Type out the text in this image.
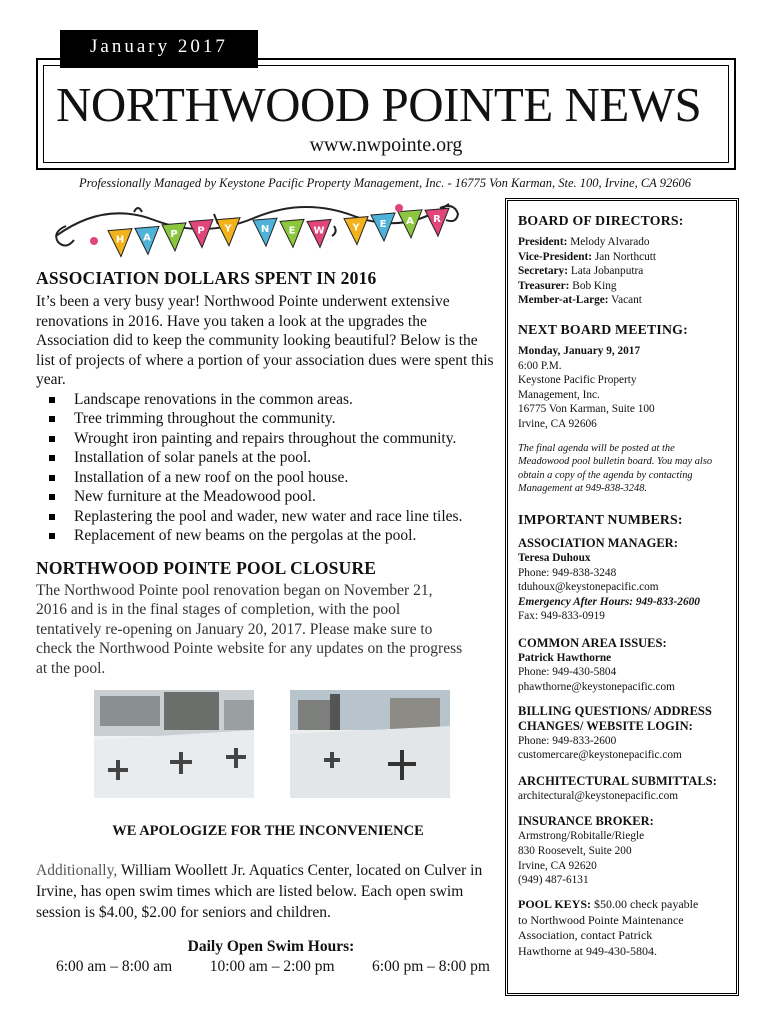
January 2017
NORTHWOOD POINTE NEWS
www.nwpointe.org
Professionally Managed by Keystone Pacific Property Management, Inc. - 16775 Von Karman, Ste. 100, Irvine, CA 92606
H A P P Y	N E W	Y E A R
ASSOCIATION DOLLARS SPENT IN 2016

It’s been a very busy year! Northwood Pointe underwent extensive renovations in 2016. Have you taken a look at the upgrades the Association did to keep the community looking beautiful? Below is the list of projects of where a portion of your association dues were spent this year.

Landscape renovations in the common areas.
Tree trimming throughout the community.
Wrought iron painting and repairs throughout the community.
Installation of solar panels at the pool.
Installation of a new roof on the pool house.
New furniture at the Meadowood pool.
Replastering the pool and wader, new water and race line tiles.
Replacement of new beams on the pergolas at the pool.
NORTHWOOD POINTE POOL CLOSURE

The Northwood Pointe pool renovation began on November 21, 2016 and is in the final stages of completion, with the pool tentatively re-opening on January 20, 2017. Please make sure to check the Northwood Pointe website for any updates on the progress at the pool.

WE APOLOGIZE FOR THE INCONVENIENCE
Additionally, William Woollett Jr. Aquatics Center, located on Culver in Irvine, has open swim times which are listed below. Each open swim session is $4.00, $2.00 for seniors and children.
Daily Open Swim Hours:
6:00 am – 8:00 am 10:00 am – 2:00 pm 6:00 pm – 8:00 pm
BOARD OF DIRECTORS:
President: Melody Alvarado
Vice-President: Jan Northcutt
Secretary: Lata Jobanputra
Treasurer: Bob King
Member-at-Large: Vacant
NEXT BOARD MEETING:
Monday, January 9, 2017
6:00 P.M.
Keystone Pacific Property
Management, Inc.
16775 Von Karman, Suite 100
Irvine, CA 92606
The final agenda will be posted at the
Meadowood pool bulletin board. You may also
obtain a copy of the agenda by contacting
Management at 949-838-3248.
IMPORTANT NUMBERS:
ASSOCIATION MANAGER:
Teresa Duhoux
Phone: 949-838-3248
tduhoux@keystonepacific.com
Emergency After Hours: 949-833-2600
Fax: 949-833-0919
COMMON AREA ISSUES:
Patrick Hawthorne
Phone: 949-430-5804
phawthorne@keystonepacific.com
BILLING QUESTIONS/ ADDRESS
CHANGES/ WEBSITE LOGIN:
Phone: 949-833-2600
customercare@keystonepacific.com
ARCHITECTURAL SUBMITTALS:
architectural@keystonepacific.com
INSURANCE BROKER:
Armstrong/Robitalle/Riegle
830 Roosevelt, Suite 200
Irvine, CA 92620
(949) 487-6131
POOL KEYS: $50.00 check payable
to Northwood Pointe Maintenance
Association, contact Patrick
Hawthorne at 949-430-5804.
